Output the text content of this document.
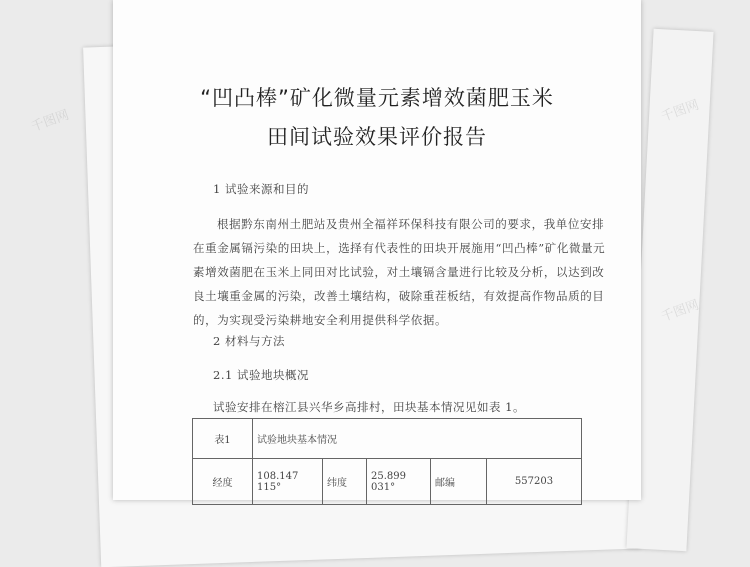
千图网	千图网
千图网
“凹凸棒”矿化微量元素增效菌肥玉米
田间试验效果评价报告
1 试验来源和目的
根据黔东南州土肥站及贵州全福祥环保科技有限公司的要求，我单位安排在重金属镉污染的田块上，选择有代表性的田块开展施用“凹凸棒”矿化微量元素增效菌肥在玉米上同田对比试验，对土壤镉含量进行比较及分析，以达到改良土壤重金属的污染，改善土壤结构，破除重茬板结，有效提高作物品质的目的，为实现受污染耕地安全利用提供科学依据。
2 材料与方法
2.1 试验地块概况
试验安排在榕江县兴华乡高排村，田块基本情况见如表 1。
表1	试验地块基本情况				
经度	108.147 115°	纬度	25.899 031°	邮编	557203
